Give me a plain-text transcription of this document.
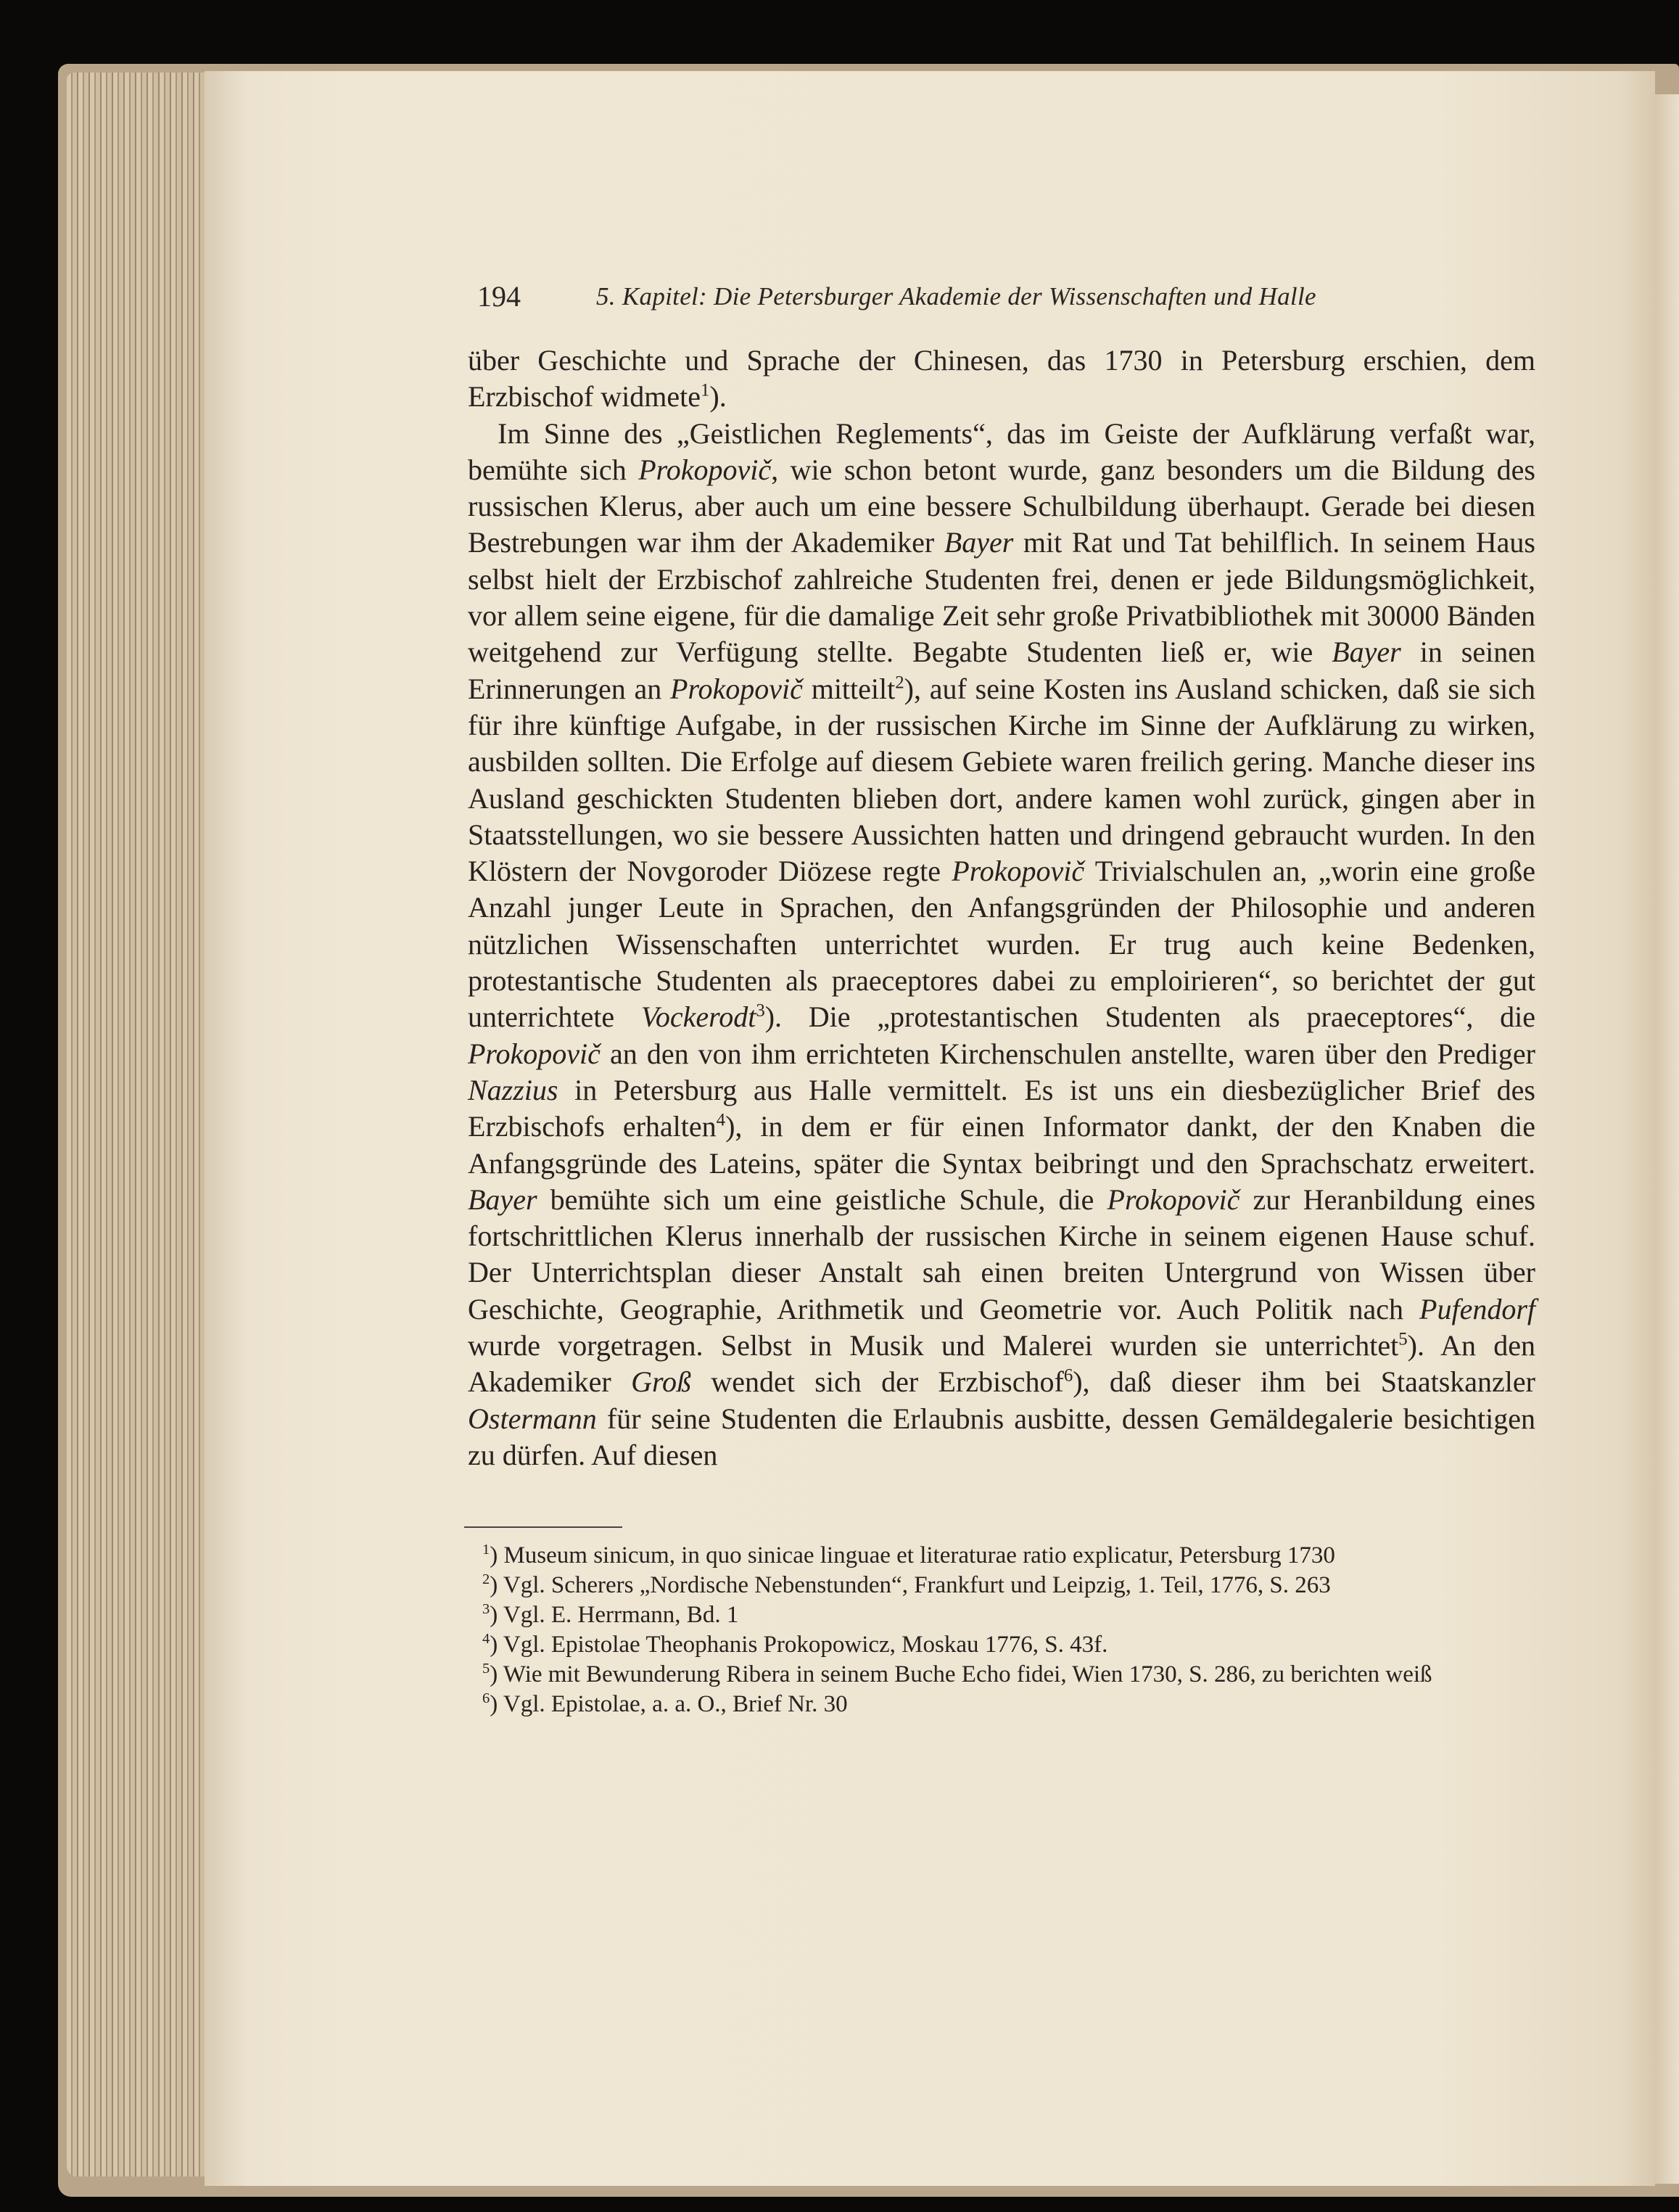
194	5. Kapitel: Die Petersburger Akademie der Wissenschaften und Halle

über Geschichte und Sprache der Chinesen, das 1730 in Petersburg erschien, dem Erzbischof widmete$^1$).

Im Sinne des „Geistlichen Reglements“, das im Geiste der Aufklärung verfaßt war, bemühte sich Prokopovič, wie schon betont wurde, ganz besonders um die Bildung des russischen Klerus, aber auch um eine bessere Schulbildung überhaupt. Gerade bei diesen Bestrebungen war ihm der Akademiker Bayer mit Rat und Tat behilflich. In seinem Haus selbst hielt der Erzbischof zahlreiche Studenten frei, denen er jede Bildungsmöglichkeit, vor allem seine eigene, für die damalige Zeit sehr große Privatbibliothek mit 30000 Bänden weitgehend zur Verfügung stellte. Begabte Studenten ließ er, wie Bayer in seinen Erinnerungen an Prokopovič mitteilt$^2$), auf seine Kosten ins Ausland schicken, daß sie sich für ihre künftige Aufgabe, in der russischen Kirche im Sinne der Aufklärung zu wirken, ausbilden sollten. Die Erfolge auf diesem Gebiete waren freilich gering. Manche dieser ins Ausland geschickten Studenten blieben dort, andere kamen wohl zurück, gingen aber in Staatsstellungen, wo sie bessere Aussichten hatten und dringend gebraucht wurden. In den Klöstern der Novgoroder Diözese regte Prokopovič Trivialschulen an, „worin eine große Anzahl junger Leute in Sprachen, den Anfangsgründen der Philosophie und anderen nützlichen Wissenschaften unterrichtet wurden. Er trug auch keine Bedenken, protestantische Studenten als praeceptores dabei zu emploirieren“, so berichtet der gut unterrichtete Vockerodt$^3$). Die „protestantischen Studenten als praeceptores“, die Prokopovič an den von ihm errichteten Kirchenschulen anstellte, waren über den Prediger Nazzius in Petersburg aus Halle vermittelt. Es ist uns ein diesbezüglicher Brief des Erzbischofs erhalten$^4$), in dem er für einen Informator dankt, der den Knaben die Anfangsgründe des Lateins, später die Syntax beibringt und den Sprachschatz erweitert. Bayer bemühte sich um eine geistliche Schule, die Prokopovič zur Heranbildung eines fortschrittlichen Klerus innerhalb der russischen Kirche in seinem eigenen Hause schuf. Der Unterrichtsplan dieser Anstalt sah einen breiten Untergrund von Wissen über Geschichte, Geographie, Arithmetik und Geometrie vor. Auch Politik nach Pufendorf wurde vorgetragen. Selbst in Musik und Malerei wurden sie unterrichtet$^5$). An den Akademiker Groß wendet sich der Erzbischof$^6$), daß dieser ihm bei Staatskanzler Ostermann für seine Studenten die Erlaubnis ausbitte, dessen Gemäldegalerie besichtigen zu dürfen. Auf diesen

$^1$) Museum sinicum, in quo sinicae linguae et literaturae ratio explicatur, Petersburg 1730

$^2$) Vgl. Scherers „Nordische Nebenstunden“, Frankfurt und Leipzig, 1. Teil, 1776, S. 263

$^3$) Vgl. E. Herrmann, Bd. 1

$^4$) Vgl. Epistolae Theophanis Prokopowicz, Moskau 1776, S. 43f.

$^5$) Wie mit Bewunderung Ribera in seinem Buche Echo fidei, Wien 1730, S. 286, zu berichten weiß

$^6$) Vgl. Epistolae, a. a. O., Brief Nr. 30
